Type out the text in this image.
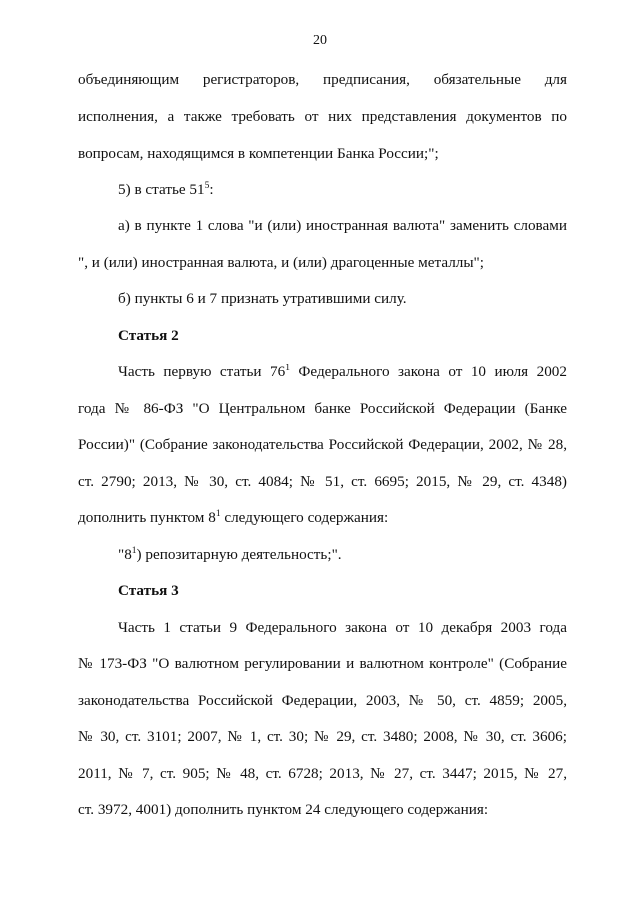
20
объединяющим регистраторов, предписания, обязательные для
исполнения, а также требовать от них представления документов по
вопросам, находящимся в компетенции Банка России;";
5) в статье $51^5$:
а) в пункте 1 слова "и (или) иностранная валюта" заменить словами
", и (или) иностранная валюта, и (или) драгоценные металлы";
б) пункты 6 и 7 признать утратившими силу.
Статья 2
Часть первую статьи $76^1$ Федерального закона от 10 июля 2002
года № 86-ФЗ "О Центральном банке Российской Федерации (Банке
России)" (Собрание законодательства Российской Федерации, 2002, № 28,
ст. 2790; 2013, № 30, ст. 4084; № 51, ст. 6695; 2015, № 29, ст. 4348)
дополнить пунктом $8^1$ следующего содержания:
"$8^1$) репозитарную деятельность;".
Статья 3
Часть 1 статьи 9 Федерального закона от 10 декабря 2003 года
№ 173-ФЗ "О валютном регулировании и валютном контроле" (Собрание
законодательства Российской Федерации, 2003, № 50, ст. 4859; 2005,
№ 30, ст. 3101; 2007, № 1, ст. 30; № 29, ст. 3480; 2008, № 30, ст. 3606;
2011, № 7, ст. 905; № 48, ст. 6728; 2013, № 27, ст. 3447; 2015, № 27,
ст. 3972, 4001) дополнить пунктом 24 следующего содержания:
